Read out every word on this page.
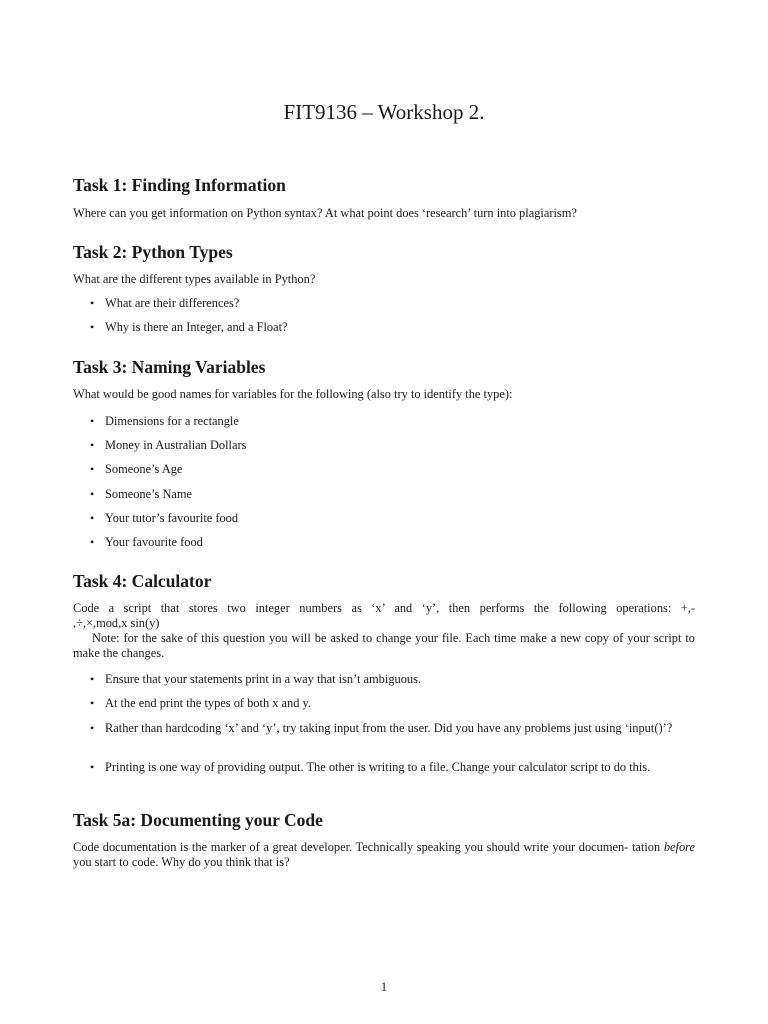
FIT9136 – Workshop 2.
Task 1: Finding Information

Where can you get information on Python syntax? At what point does ‘research’ turn into plagiarism?

Task 2: Python Types

What are the different types available in Python?

• What are their differences?
• Why is there an Integer, and a Float?
Task 3: Naming Variables

What would be good names for variables for the following (also try to identify the type):

• Dimensions for a rectangle
• Money in Australian Dollars
• Someone’s Age
• Someone’s Name
• Your tutor’s favourite food
• Your favourite food
Task 4: Calculator

Code a script that stores two integer numbers as ‘x’ and ‘y’, then performs the following operations: +,-

,÷,×,mod,x sin(y)

Note: for the sake of this question you will be asked to change your file. Each time make a new copy of your script to make the changes.

• Ensure that your statements print in a way that isn’t ambiguous.
• At the end print the types of both x and y.
• Rather than hardcoding ‘x’ and ‘y’, try taking input from the user. Did you have any problems just using ‘input()’?
• Printing is one way of providing output. The other is writing to a file. Change your calculator script to do this.
Task 5a: Documenting your Code

Code documentation is the marker of a great developer. Technically speaking you should write your documen- tation before you start to code. Why do you think that is?

1
